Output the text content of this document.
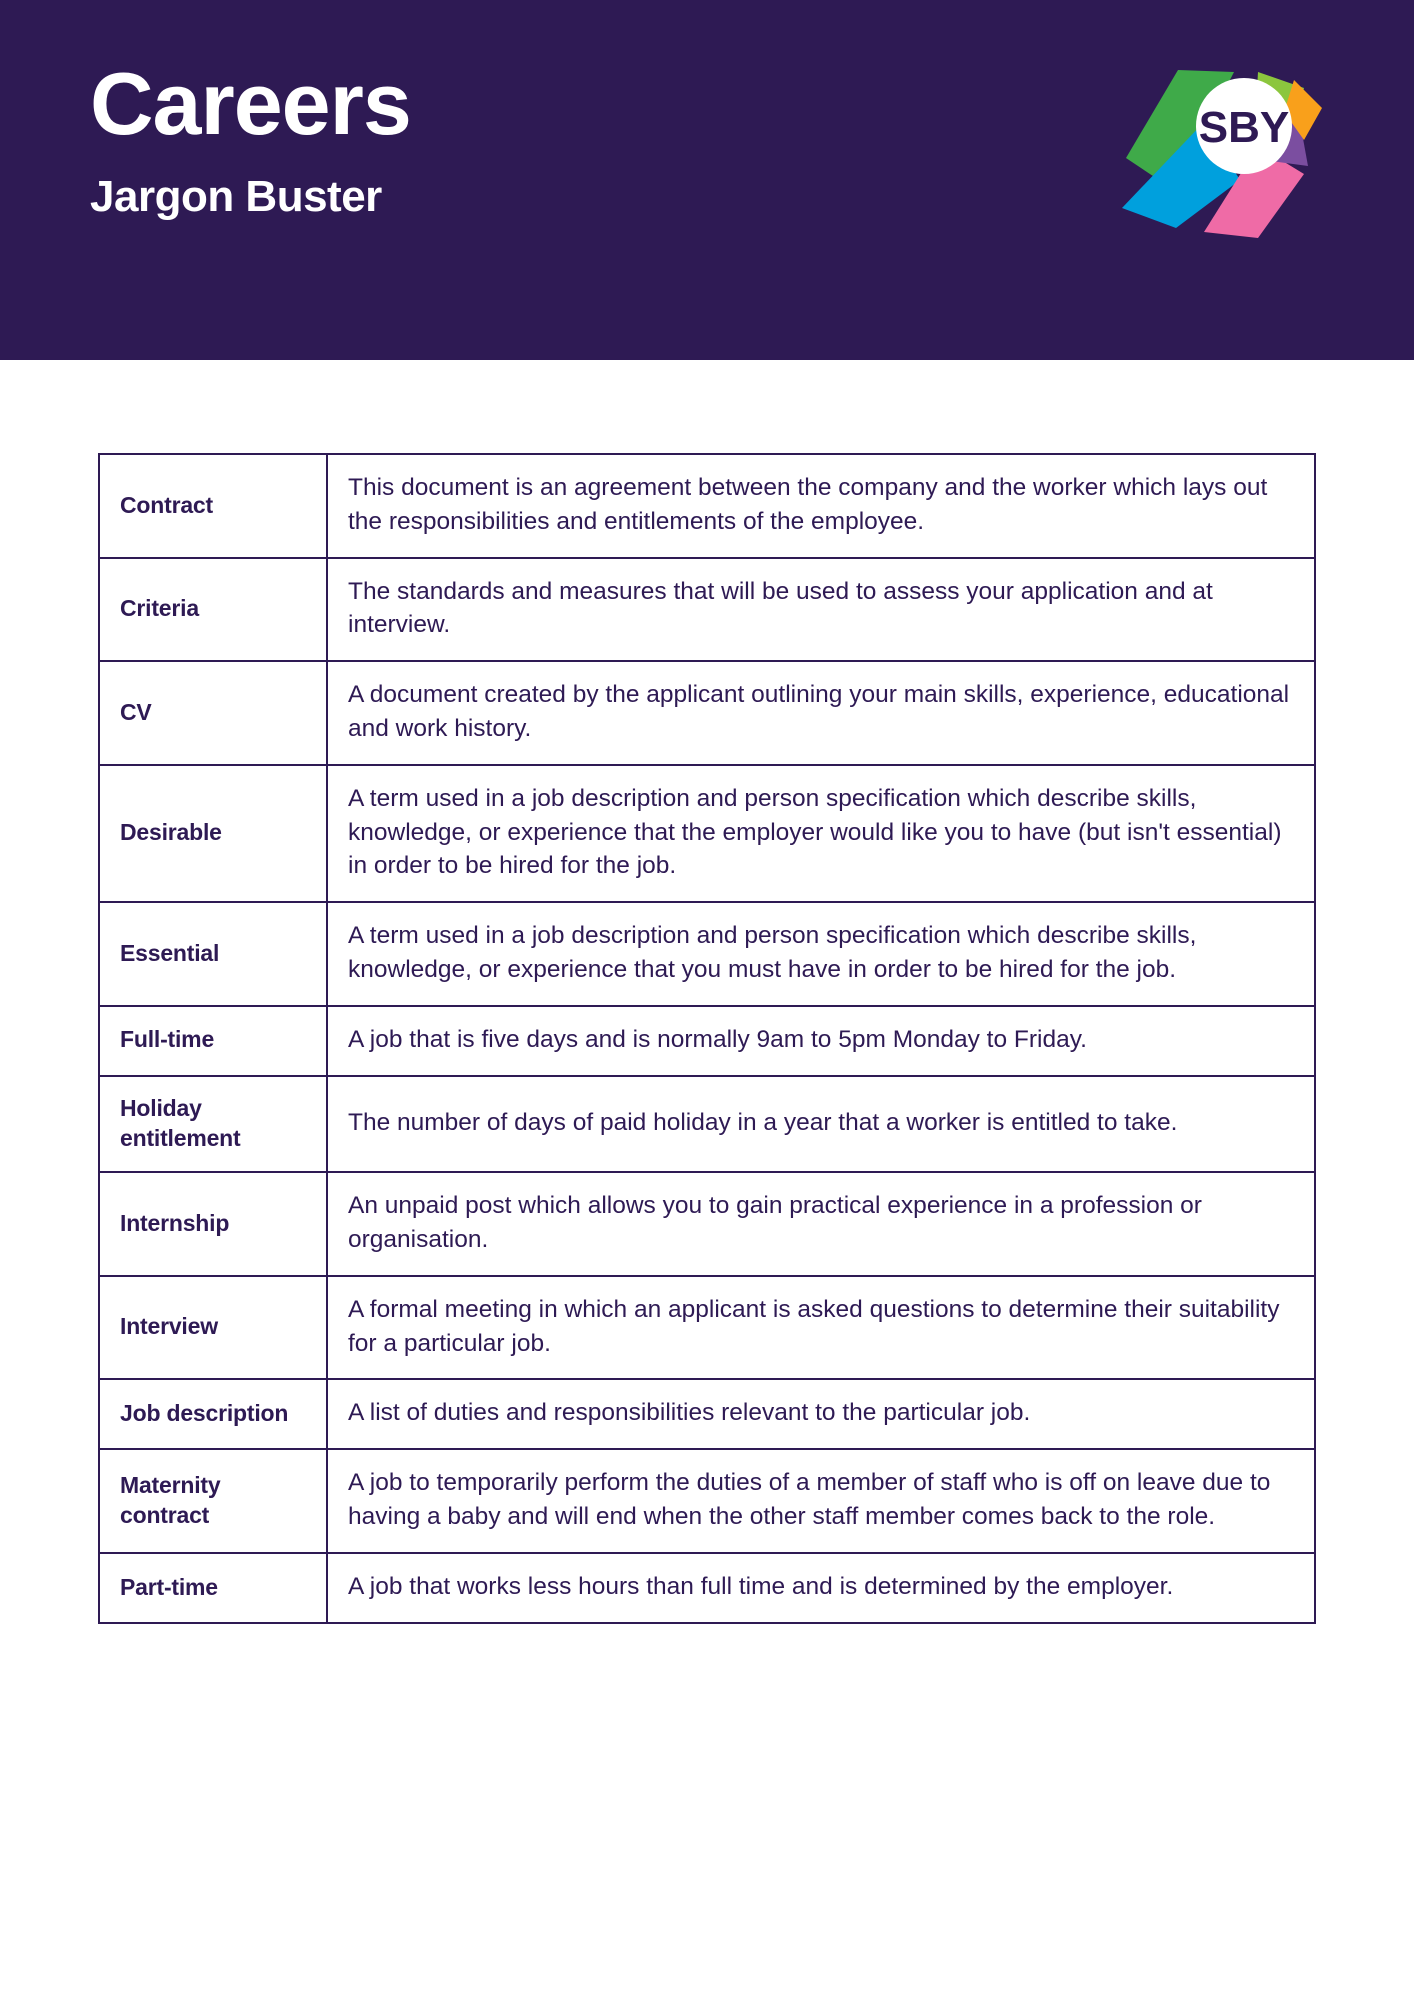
Careers
Jargon Buster
SBY
Contract	This document is an agreement between the company and the worker which lays out the responsibilities and entitlements of the employee.
Criteria	The standards and measures that will be used to assess your application and at interview.
CV	A document created by the applicant outlining your main skills, experience, educational and work history.
Desirable	A term used in a job description and person specification which describe skills, knowledge, or experience that the employer would like you to have (but isn't essential) in order to be hired for the job.
Essential	A term used in a job description and person specification which describe skills, knowledge, or experience that you must have in order to be hired for the job.
Full-time	A job that is five days and is normally 9am to 5pm Monday to Friday.
Holiday entitlement	The number of days of paid holiday in a year that a worker is entitled to take.
Internship	An unpaid post which allows you to gain practical experience in a profession or organisation.
Interview	A formal meeting in which an applicant is asked questions to determine their suitability for a particular job.
Job description	A list of duties and responsibilities relevant to the particular job.
Maternity contract	A job to temporarily perform the duties of a member of staff who is off on leave due to having a baby and will end when the other staff member comes back to the role.
Part-time	A job that works less hours than full time and is determined by the employer.
